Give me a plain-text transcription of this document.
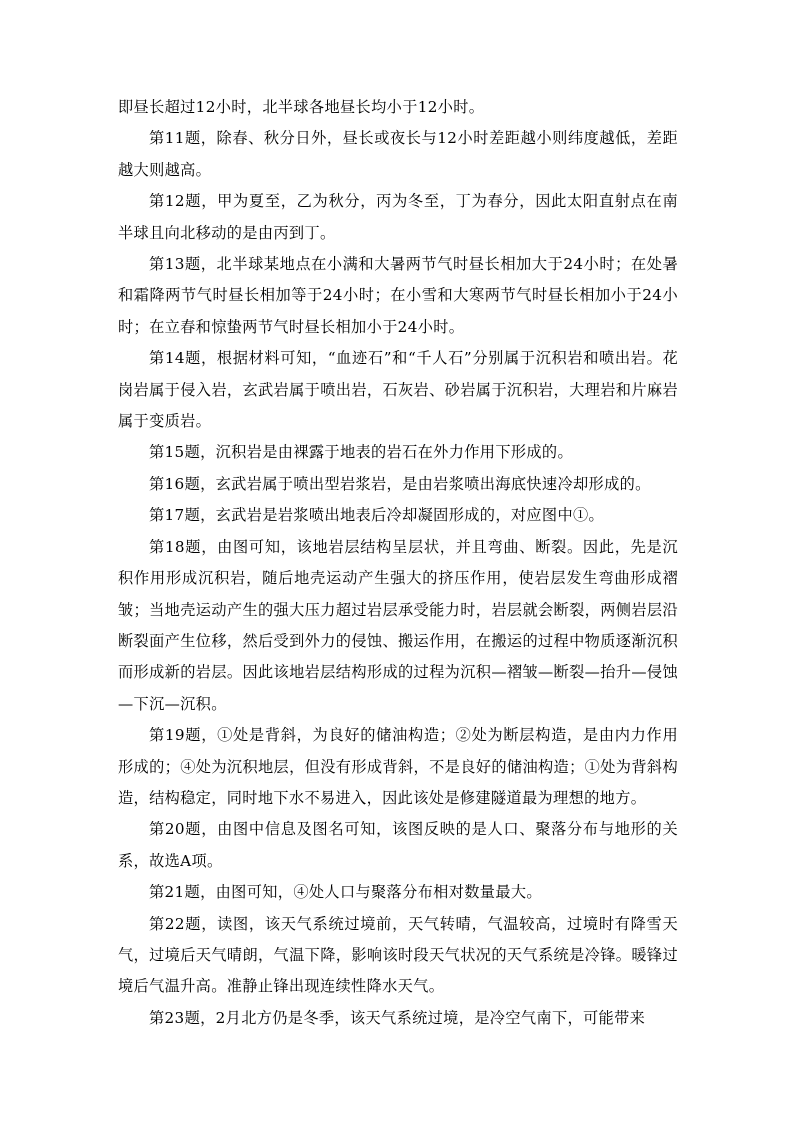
即昼长超过12小时，北半球各地昼长均小于12小时。

第11题，除春、秋分日外，昼长或夜长与12小时差距越小则纬度越低，差距越大则越高。

第12题，甲为夏至，乙为秋分，丙为冬至，丁为春分，因此太阳直射点在南半球且向北移动的是由丙到丁。

第13题，北半球某地点在小满和大暑两节气时昼长相加大于24小时；在处暑和霜降两节气时昼长相加等于24小时；在小雪和大寒两节气时昼长相加小于24小时；在立春和惊蛰两节气时昼长相加小于24小时。

第14题，根据材料可知，“血迹石”和“千人石”分别属于沉积岩和喷出岩。花岗岩属于侵入岩，玄武岩属于喷出岩，石灰岩、砂岩属于沉积岩，大理岩和片麻岩属于变质岩。

第15题，沉积岩是由裸露于地表的岩石在外力作用下形成的。

第16题，玄武岩属于喷出型岩浆岩，是由岩浆喷出海底快速冷却形成的。

第17题，玄武岩是岩浆喷出地表后冷却凝固形成的，对应图中①。

第18题，由图可知，该地岩层结构呈层状，并且弯曲、断裂。因此，先是沉积作用形成沉积岩，随后地壳运动产生强大的挤压作用，使岩层发生弯曲形成褶皱；当地壳运动产生的强大压力超过岩层承受能力时，岩层就会断裂，两侧岩层沿断裂面产生位移，然后受到外力的侵蚀、搬运作用，在搬运的过程中物质逐渐沉积而形成新的岩层。因此该地岩层结构形成的过程为沉积—褶皱—断裂—抬升—侵蚀—下沉—沉积。

第19题，①处是背斜，为良好的储油构造；②处为断层构造，是由内力作用形成的；④处为沉积地层，但没有形成背斜，不是良好的储油构造；①处为背斜构造，结构稳定，同时地下水不易进入，因此该处是修建隧道最为理想的地方。

第20题，由图中信息及图名可知，该图反映的是人口、聚落分布与地形的关系，故选A项。

第21题，由图可知，④处人口与聚落分布相对数量最大。

第22题，读图，该天气系统过境前，天气转晴，气温较高，过境时有降雪天气，过境后天气晴朗，气温下降，影响该时段天气状况的天气系统是冷锋。暖锋过境后气温升高。准静止锋出现连续性降水天气。

第23题，2月北方仍是冬季，该天气系统过境，是冷空气南下，可能带来
